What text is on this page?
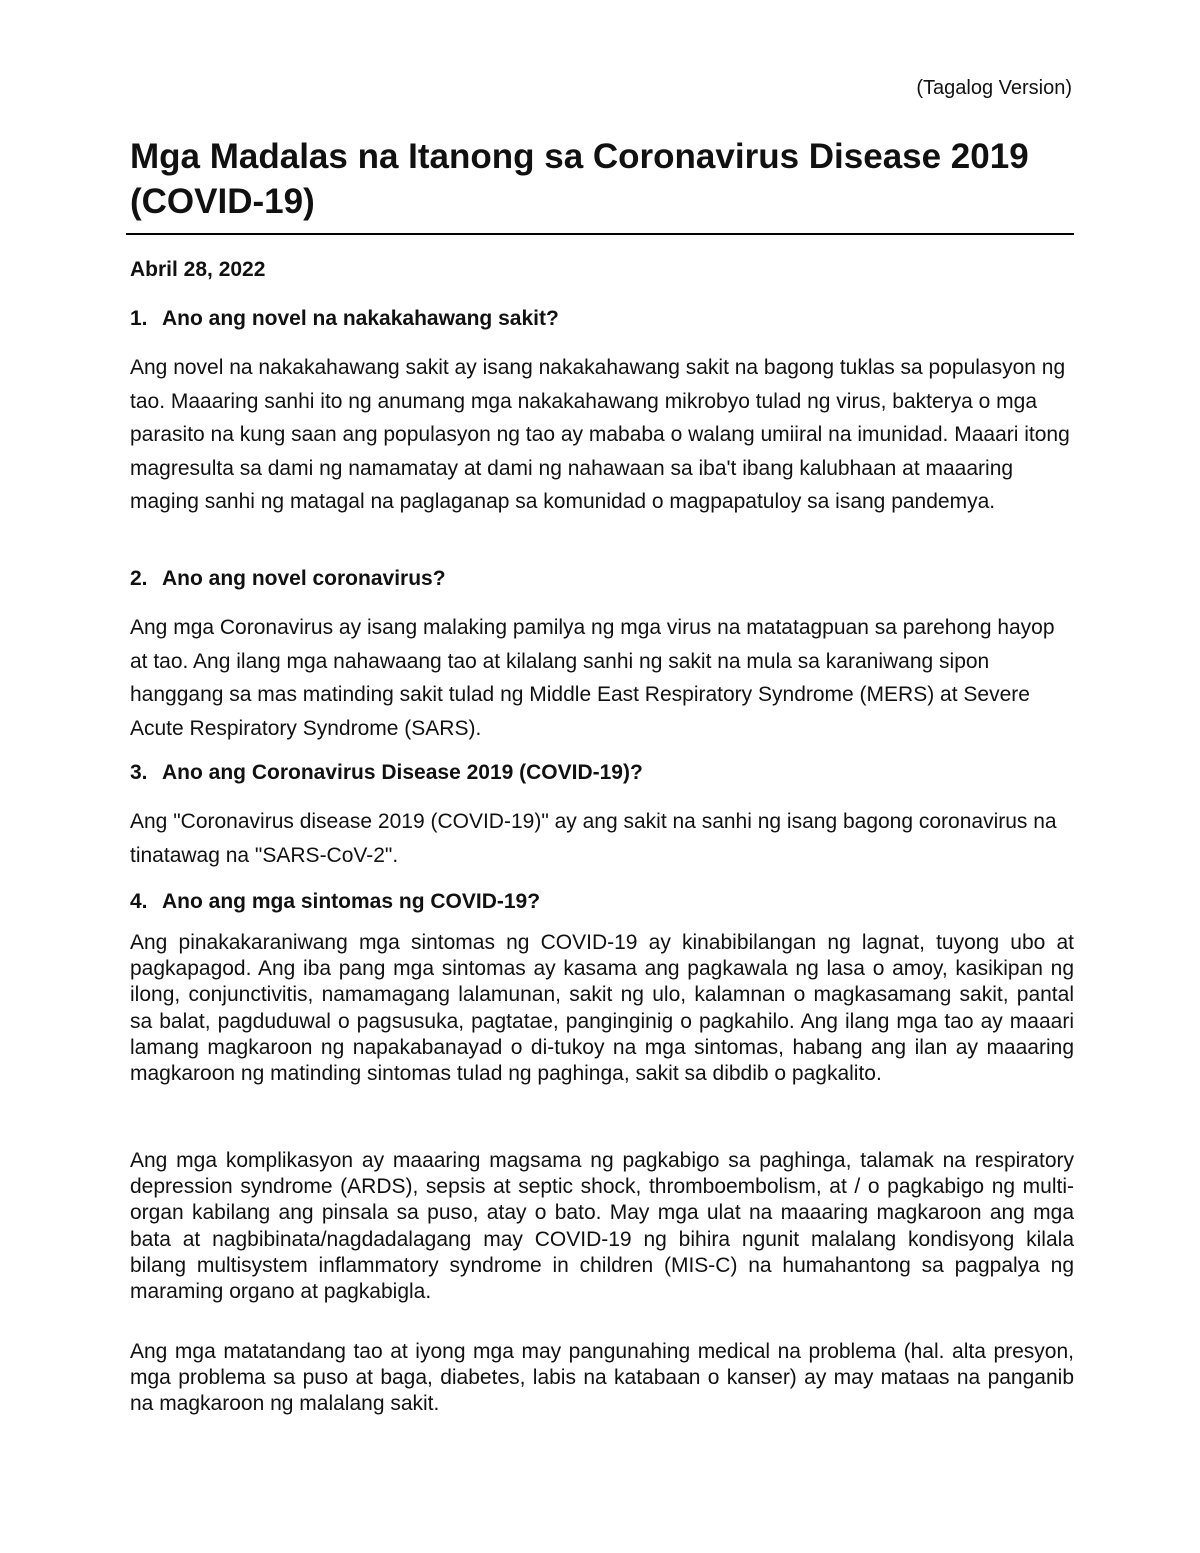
(Tagalog Version)
Mga Madalas na Itanong sa Coronavirus Disease 2019 (COVID-19)
Abril 28, 2022
1. Ano ang novel na nakakahawang sakit?

Ang novel na nakakahawang sakit ay isang nakakahawang sakit na bagong tuklas sa populasyon ng tao. Maaaring sanhi ito ng anumang mga nakakahawang mikrobyo tulad ng virus, bakterya o mga parasito na kung saan ang populasyon ng tao ay mababa o walang umiiral na imunidad. Maaari itong magresulta sa dami ng namamatay at dami ng nahawaan sa iba't ibang kalubhaan at maaaring maging sanhi ng matagal na paglaganap sa komunidad o magpapatuloy sa isang pandemya.

2. Ano ang novel coronavirus?

Ang mga Coronavirus ay isang malaking pamilya ng mga virus na matatagpuan sa parehong hayop at tao. Ang ilang mga nahawaang tao at kilalang sanhi ng sakit na mula sa karaniwang sipon hanggang sa mas matinding sakit tulad ng Middle East Respiratory Syndrome (MERS) at Severe Acute Respiratory Syndrome (SARS).

3. Ano ang Coronavirus Disease 2019 (COVID-19)?

Ang "Coronavirus disease 2019 (COVID-19)" ay ang sakit na sanhi ng isang bagong coronavirus na tinatawag na "SARS-CoV-2".

4. Ano ang mga sintomas ng COVID-19?

Ang pinakakaraniwang mga sintomas ng COVID-19 ay kinabibilangan ng lagnat, tuyong ubo at pagkapagod. Ang iba pang mga sintomas ay kasama ang pagkawala ng lasa o amoy, kasikipan ng ilong, conjunctivitis, namamagang lalamunan, sakit ng ulo, kalamnan o magkasamang sakit, pantal sa balat, pagduduwal o pagsusuka, pagtatae, panginginig o pagkahilo. Ang ilang mga tao ay maaari lamang magkaroon ng napakabanayad o di-tukoy na mga sintomas, habang ang ilan ay maaaring magkaroon ng matinding sintomas tulad ng paghinga, sakit sa dibdib o pagkalito.

Ang mga komplikasyon ay maaaring magsama ng pagkabigo sa paghinga, talamak na respiratory depression syndrome (ARDS), sepsis at septic shock, thromboembolism, at / o pagkabigo ng multi-organ kabilang ang pinsala sa puso, atay o bato. May mga ulat na maaaring magkaroon ang mga bata at nagbibinata/nagdadalagang may COVID-19 ng bihira ngunit malalang kondisyong kilala bilang multisystem inflammatory syndrome in children (MIS-C) na humahantong sa pagpalya ng maraming organo at pagkabigla.

Ang mga matatandang tao at iyong mga may pangunahing medical na problema (hal. alta presyon, mga problema sa puso at baga, diabetes, labis na katabaan o kanser) ay may mataas na panganib na magkaroon ng malalang sakit.
